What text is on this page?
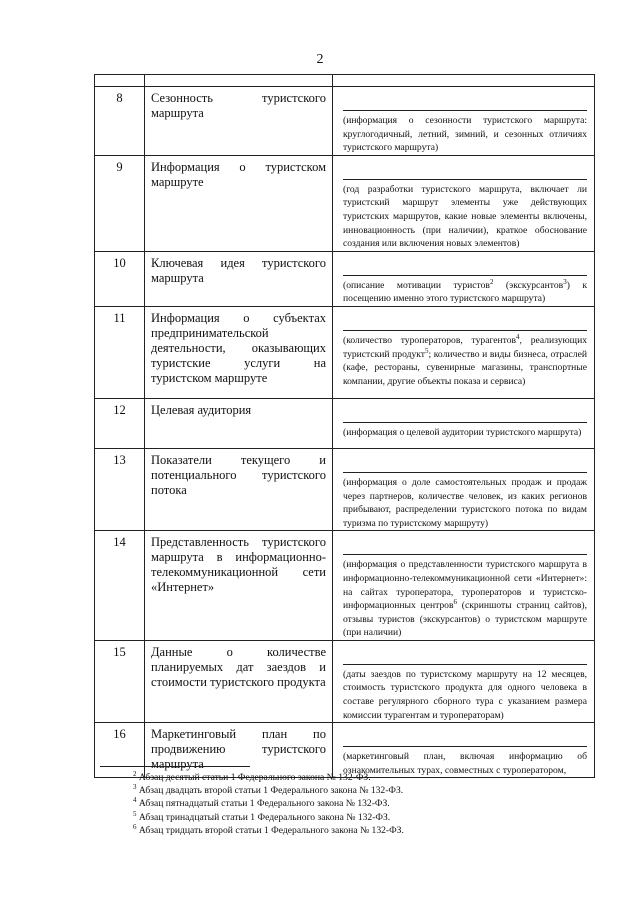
2

8	Сезонность туристского маршрута	(информация о сезонности туристского маршрута: круглогодичный, летний, зимний, и сезонных отличиях туристского маршрута)

9	Информация о туристском маршруте	(год разработки туристского маршрута, включает ли туристский маршрут элементы уже действующих туристских маршрутов, какие новые элементы включены, инновационность (при наличии), краткое обоснование создания или включения новых элементов)

10	Ключевая идея туристского маршрута	(описание мотивации туристов$^2$ (экскурсантов$^3$) к посещению именно этого туристского маршрута)

11	Информация о субъектах предпринимательской деятельности, оказывающих туристские услуги на туристском маршруте	(количество туроператоров, турагентов$^4$, реализующих туристский продукт$^5$; количество и виды бизнеса, отраслей (кафе, рестораны, сувенирные магазины, транспортные компании, другие объекты показа и сервиса)

12	Целевая аудитория	(информация о целевой аудитории туристского маршрута)

13	Показатели текущего и потенциального туристского потока	(информация о доле самостоятельных продаж и продаж через партнеров, количестве человек, из каких регионов прибывают, распределении туристского потока по видам туризма по туристскому маршруту)

14	Представленность туристского маршрута в информационно-телекоммуникационной сети «Интернет»	(информация о представленности туристского маршрута в информационно-телекоммуникационной сети «Интернет»: на сайтах туроператора, туроператоров и туристско-информационных центров$^6$ (скриншоты страниц сайтов), отзывы туристов (экскурсантов) о туристском маршруте (при наличии)

15	Данные о количестве планируемых дат заездов и стоимости туристского продукта	(даты заездов по туристскому маршруту на 12 месяцев, стоимость туристского продукта для одного человека в составе регулярного сборного тура с указанием размера комиссии турагентам и туроператорам)

16	Маркетинговый план по продвижению туристского маршрута	(маркетинговый план, включая информацию об ознакомительных турах, совместных с туроператором,
$^2$ Абзац десятый статьи 1 Федерального закона № 132-ФЗ.
$^3$ Абзац двадцать второй статьи 1 Федерального закона № 132-ФЗ.
$^4$ Абзац пятнадцатый статьи 1 Федерального закона № 132-ФЗ.
$^5$ Абзац тринадцатый статьи 1 Федерального закона № 132-ФЗ.
$^6$ Абзац тридцать второй статьи 1 Федерального закона № 132-ФЗ.
